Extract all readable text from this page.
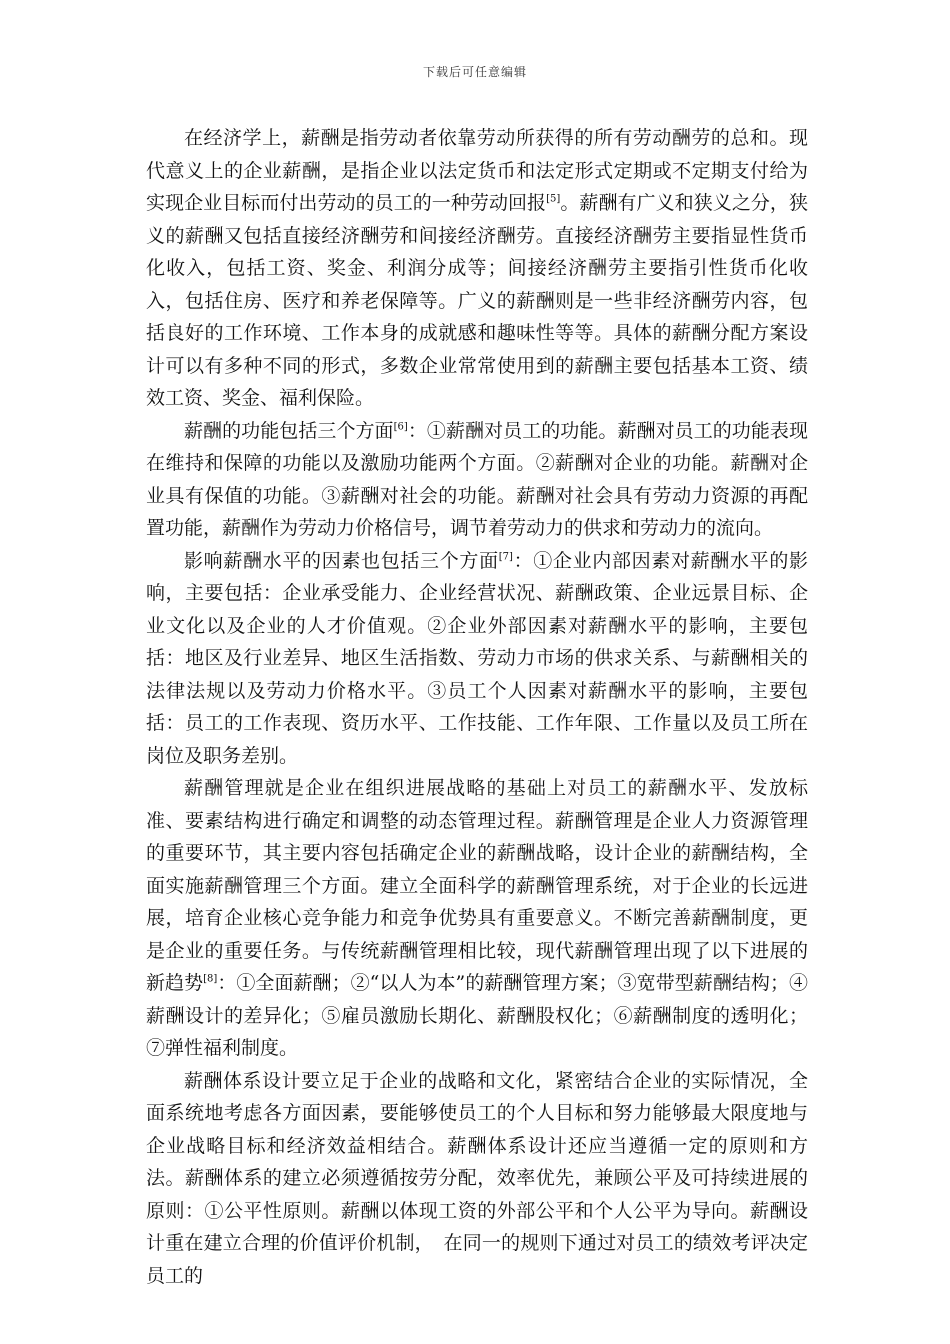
下载后可任意编辑

在经济学上，薪酬是指劳动者依靠劳动所获得的所有劳动酬劳的总和。现代意义上的企业薪酬，是指企业以法定货币和法定形式定期或不定期支付给为实现企业目标而付出劳动的员工的一种劳动回报[5]。薪酬有广义和狭义之分，狭义的薪酬又包括直接经济酬劳和间接经济酬劳。直接经济酬劳主要指显性货币化收入，包括工资、奖金、利润分成等；间接经济酬劳主要指引性货币化收入，包括住房、医疗和养老保障等。广义的薪酬则是一些非经济酬劳内容，包括良好的工作环境、工作本身的成就感和趣味性等等。具体的薪酬分配方案设计可以有多种不同的形式，多数企业常常使用到的薪酬主要包括基本工资、绩效工资、奖金、福利保险。

薪酬的功能包括三个方面[6]：①薪酬对员工的功能。薪酬对员工的功能表现在维持和保障的功能以及激励功能两个方面。②薪酬对企业的功能。薪酬对企业具有保值的功能。③薪酬对社会的功能。薪酬对社会具有劳动力资源的再配置功能，薪酬作为劳动力价格信号，调节着劳动力的供求和劳动力的流向。

影响薪酬水平的因素也包括三个方面[7]：①企业内部因素对薪酬水平的影响，主要包括：企业承受能力、企业经营状况、薪酬政策、企业远景目标、企业文化以及企业的人才价值观。②企业外部因素对薪酬水平的影响，主要包括：地区及行业差异、地区生活指数、劳动力市场的供求关系、与薪酬相关的法律法规以及劳动力价格水平。③员工个人因素对薪酬水平的影响，主要包括：员工的工作表现、资历水平、工作技能、工作年限、工作量以及员工所在岗位及职务差别。

薪酬管理就是企业在组织进展战略的基础上对员工的薪酬水平、发放标准、要素结构进行确定和调整的动态管理过程。薪酬管理是企业人力资源管理的重要环节，其主要内容包括确定企业的薪酬战略，设计企业的薪酬结构，全面实施薪酬管理三个方面。建立全面科学的薪酬管理系统，对于企业的长远进展，培育企业核心竞争能力和竞争优势具有重要意义。不断完善薪酬制度，更是企业的重要任务。与传统薪酬管理相比较，现代薪酬管理出现了以下进展的新趋势[8]：①全面薪酬；②“以人为本”的薪酬管理方案；③宽带型薪酬结构；④薪酬设计的差异化；⑤雇员激励长期化、薪酬股权化；⑥薪酬制度的透明化；⑦弹性福利制度。

薪酬体系设计要立足于企业的战略和文化，紧密结合企业的实际情况，全面系统地考虑各方面因素，要能够使员工的个人目标和努力能够最大限度地与企业战略目标和经济效益相结合。薪酬体系设计还应当遵循一定的原则和方法。薪酬体系的建立必须遵循按劳分配，效率优先，兼顾公平及可持续进展的原则：①公平性原则。薪酬以体现工资的外部公平和个人公平为导向。薪酬设计重在建立合理的价值评价机制，　在同一的规则下通过对员工的绩效考评决定员工的
